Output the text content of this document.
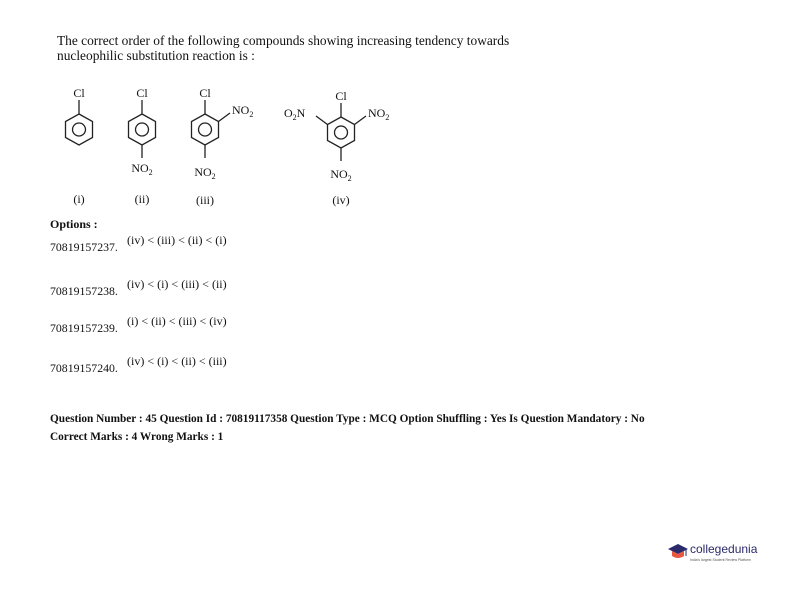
The correct order of the following compounds showing increasing tendency towards
nucleophilic substitution reaction is :
Cl	Cl	Cl	Cl
$NO_2$	$NO_2$	$NO_2$
$NO_2$	$NO_2$
$O_2N$
(i)	(ii)	(iii)	(iv)
Options :
70819157237. (iv) < (iii) < (ii) < (i)
70819157238. (iv) < (i) < (iii) < (ii)
70819157239. (i) < (ii) < (iii) < (iv)
70819157240. (iv) < (i) < (ii) < (iii)
Question Number : 45 Question Id : 70819117358 Question Type : MCQ Option Shuffling : Yes Is Question Mandatory : No
Correct Marks : 4 Wrong Marks : 1
collegedunia
India's largest Student Review Platform
